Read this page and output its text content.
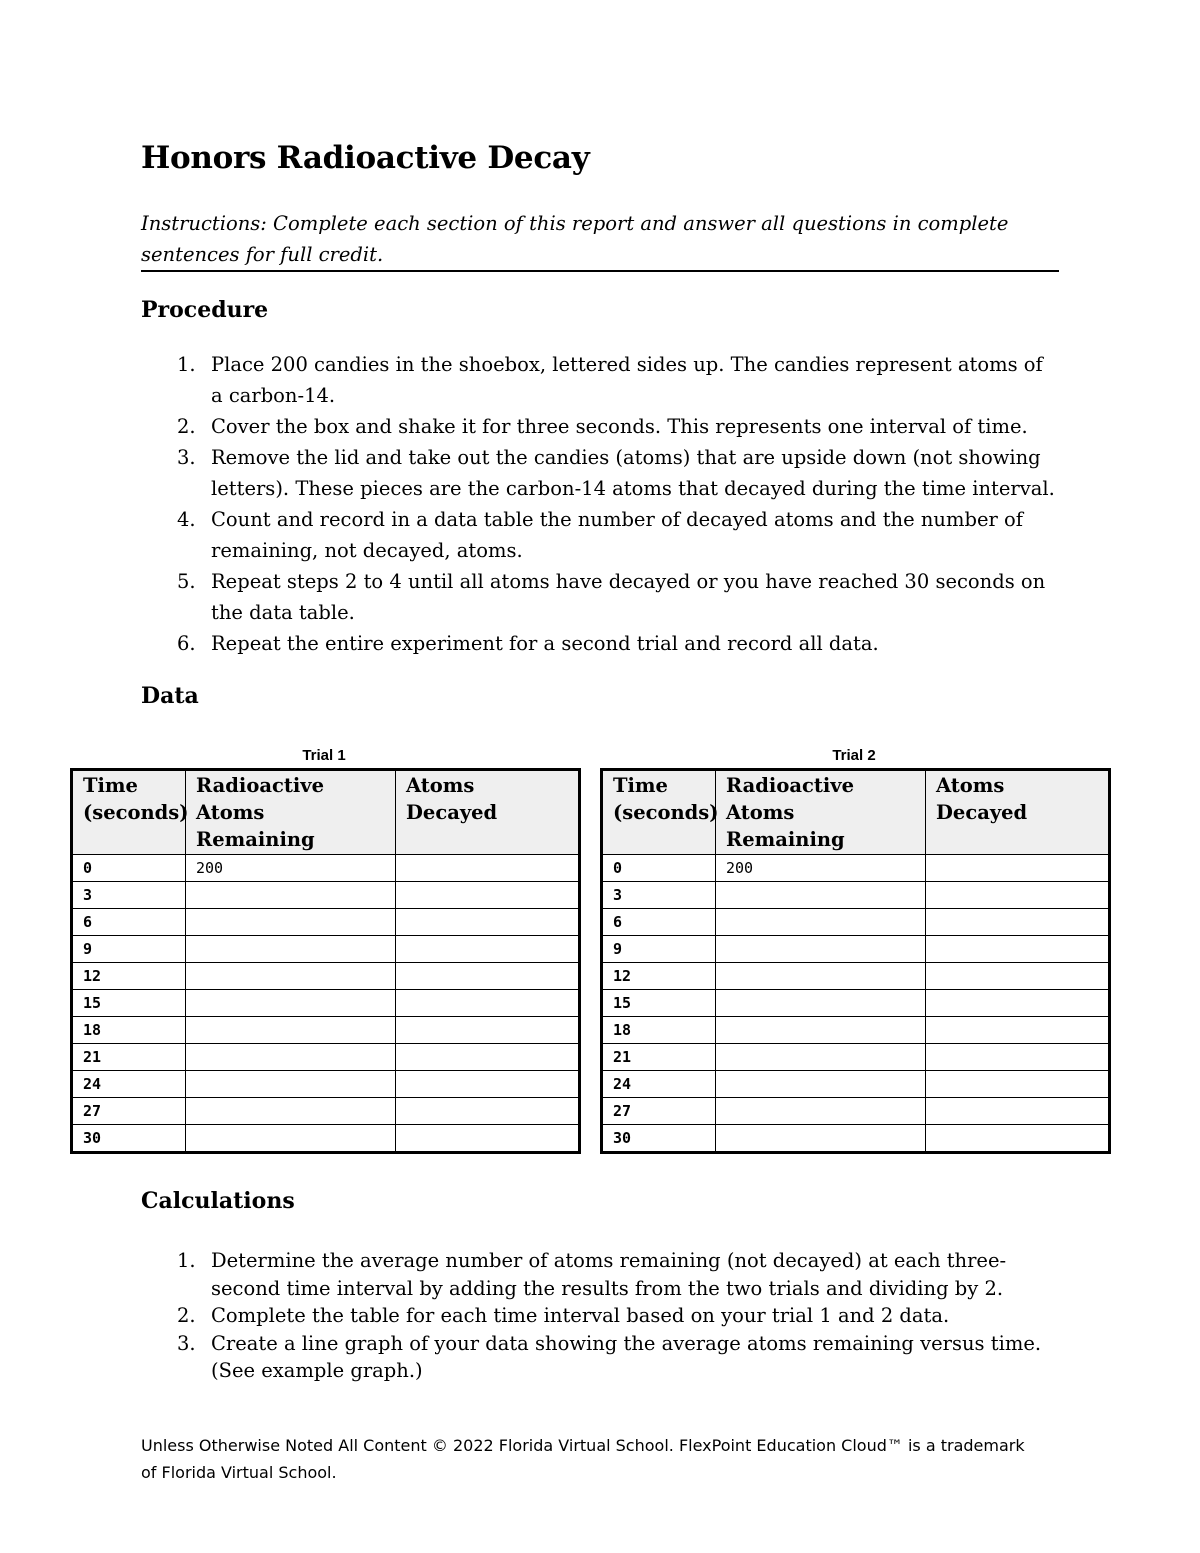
Honors Radioactive Decay
Instructions: Complete each section of this report and answer all questions in complete sentences for full credit.
Procedure
1. Place 200 candies in the shoebox, lettered sides up. The candies represent atoms of a carbon-14.
2. Cover the box and shake it for three seconds. This represents one interval of time.
3. Remove the lid and take out the candies (atoms) that are upside down (not showing letters). These pieces are the carbon-14 atoms that decayed during the time interval.
4. Count and record in a data table the number of decayed atoms and the number of remaining, not decayed, atoms.
5. Repeat steps 2 to 4 until all atoms have decayed or you have reached 30 seconds on the data table.
6. Repeat the entire experiment for a second trial and record all data.
Data
Trial 1
Time (seconds)	Radioactive Atoms Remaining	Atoms Decayed
0	200	
3		
6		
9		
12		
15		
18		
21		
24		
27		
30		
Trial 2
Time (seconds)	Radioactive Atoms Remaining	Atoms Decayed
0	200	
3		
6		
9		
12		
15		
18		
21		
24		
27		
30		
Calculations
1. Determine the average number of atoms remaining (not decayed) at each three-second time interval by adding the results from the two trials and dividing by 2.
2. Complete the table for each time interval based on your trial 1 and 2 data.
3. Create a line graph of your data showing the average atoms remaining versus time. (See example graph.)
Unless Otherwise Noted All Content © 2022 Florida Virtual School. FlexPoint Education Cloud™ is a trademark of Florida Virtual School.
